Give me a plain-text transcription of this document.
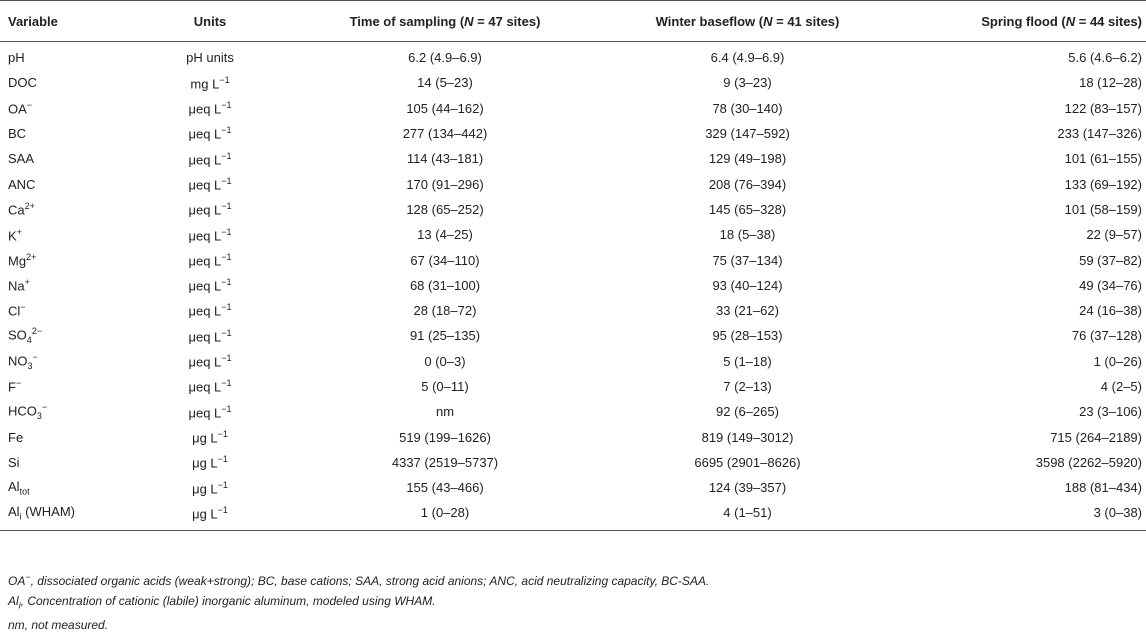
Variable	Units	Time of sampling (N = 47 sites)	Winter baseflow (N = 41 sites)	Spring flood (N = 44 sites)
pH	pH units	6.2 (4.9–6.9)	6.4 (4.9–6.9)	5.6 (4.6–6.2)
DOC	mg $L^{-1}$	14 (5–23)	9 (3–23)	18 (12–28)
OA−	μeq $L^{-1}$	105 (44–162)	78 (30–140)	122 (83–157)
BC	μeq $L^{-1}$	277 (134–442)	329 (147–592)	233 (147–326)
SAA	μeq $L^{-1}$	114 (43–181)	129 (49–198)	101 (61–155)
ANC	μeq $L^{-1}$	170 (91–296)	208 (76–394)	133 (69–192)
$Ca^{2+}$	μeq $L^{-1}$	128 (65–252)	145 (65–328)	101 (58–159)
K+	μeq $L^{-1}$	13 (4–25)	18 (5–38)	22 (9–57)
$Mg^{2+}$	μeq $L^{-1}$	67 (34–110)	75 (37–134)	59 (37–82)
Na+	μeq $L^{-1}$	68 (31–100)	93 (40–124)	49 (34–76)
Cl−	μeq $L^{-1}$	28 (18–72)	33 (21–62)	24 (16–38)
$SO_4^{2-}$	μeq $L^{-1}$	91 (25–135)	95 (28–153)	76 (37–128)
$NO_3^-$	μeq $L^{-1}$	0 (0–3)	5 (1–18)	1 (0–26)
F−	μeq $L^{-1}$	5 (0–11)	7 (2–13)	4 (2–5)
$HCO_3^-$	μeq $L^{-1}$	nm	92 (6–265)	23 (3–106)
Fe	μg $L^{-1}$	519 (199–1626)	819 (149–3012)	715 (264–2189)
Si	μg $L^{-1}$	4337 (2519–5737)	6695 (2901–8626)	3598 (2262–5920)
$Al_{tot}$	μg $L^{-1}$	155 (43–466)	124 (39–357)	188 (81–434)
$Al_i$ (WHAM)	μg $L^{-1}$	1 (0–28)	4 (1–51)	3 (0–38)
OA−, dissociated organic acids (weak+strong); BC, base cations; SAA, strong acid anions; ANC, acid neutralizing capacity, BC-SAA.
$Al_i$, Concentration of cationic (labile) inorganic aluminum, modeled using WHAM.
nm, not measured.
